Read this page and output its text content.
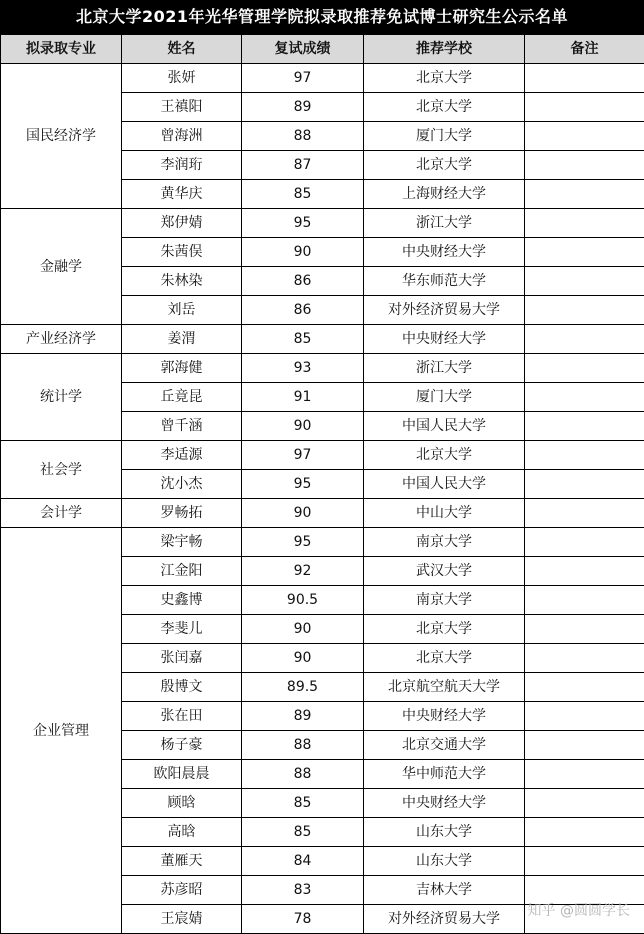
北京大学2021年光华管理学院拟录取推荐免试博士研究生公示名单
拟录取专业	姓名	复试成绩	推荐学校	备注
国民经济学	张妍	97	北京大学	
	王禛阳	89	北京大学	
	曾海洲	88	厦门大学	
	李润珩	87	北京大学	
	黄华庆	85	上海财经大学	
金融学	郑伊婧	95	浙江大学	
	朱茜俣	90	中央财经大学	
	朱林染	86	华东师范大学	
	刘岳	86	对外经济贸易大学	
产业经济学	姜渭	85	中央财经大学	
统计学	郭海健	93	浙江大学	
	丘竟昆	91	厦门大学	
	曾千涵	90	中国人民大学	
社会学	李适源	97	北京大学	
	沈小杰	95	中国人民大学	
会计学	罗畅拓	90	中山大学	
企业管理	梁宇畅	95	南京大学	
	江金阳	92	武汉大学	
	史鑫博	90.5	南京大学	
	李斐儿	90	北京大学	
	张闰嘉	90	北京大学	
	殷博文	89.5	北京航空航天大学	
	张在田	89	中央财经大学	
	杨子豪	88	北京交通大学	
	欧阳晨晨	88	华中师范大学	
	顾晗	85	中央财经大学	
	高晗	85	山东大学	
	董雁天	84	山东大学	
	苏彦昭	83	吉林大学	
	王宸婧	78	对外经济贸易大学	知乎 @圆圆学长
